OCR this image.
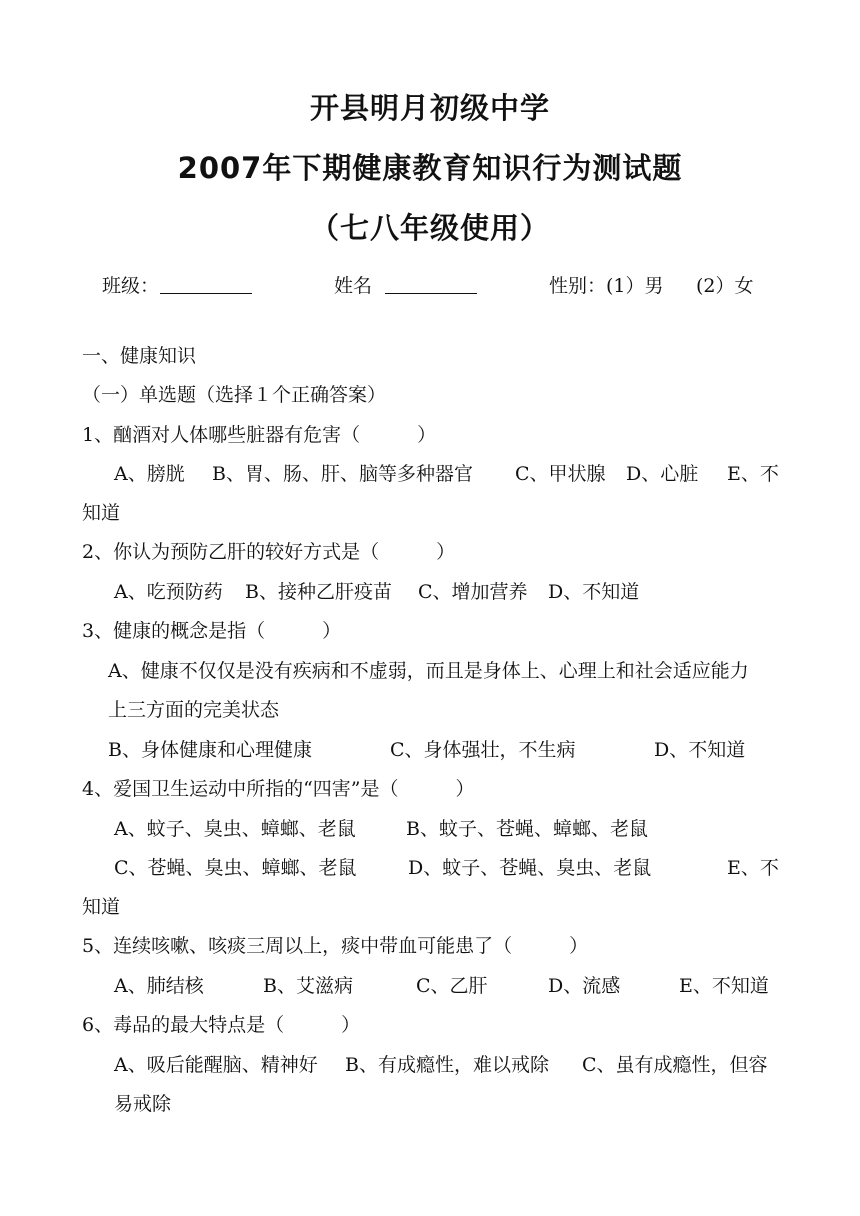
开县明月初级中学
2007年下期健康教育知识行为测试题
（七八年级使用）
班级：	姓名	性别：(1）男 (2）女
一、健康知识
（一）单选题（选择１个正确答案）
1、酗酒对人体哪些脏器有危害（　　　）
A、膀胱 B、胃、肠、肝、脑等多种器官 C、甲状腺 D、心脏 E、不
知道
2、你认为预防乙肝的较好方式是（　　　）
A、吃预防药 B、接种乙肝疫苗 C、增加营养 D、不知道
3、健康的概念是指（　　　）
A、健康不仅仅是没有疾病和不虚弱，而且是身体上、心理上和社会适应能力
上三方面的完美状态
B、身体健康和心理健康	C、身体强壮，不生病	D、不知道
4、爱国卫生运动中所指的“四害”是（　　　）
A、蚊子、臭虫、蟑螂、老鼠	B、蚊子、苍蝇、蟑螂、老鼠
C、苍蝇、臭虫、蟑螂、老鼠	D、蚊子、苍蝇、臭虫、老鼠	E、不
知道
5、连续咳嗽、咳痰三周以上，痰中带血可能患了（　　　）
A、肺结核	B、艾滋病	C、乙肝	D、流感	E、不知道
6、毒品的最大特点是（　　　）
A、吸后能醒脑、精神好 B、有成瘾性，难以戒除 C、虽有成瘾性，但容
易戒除
